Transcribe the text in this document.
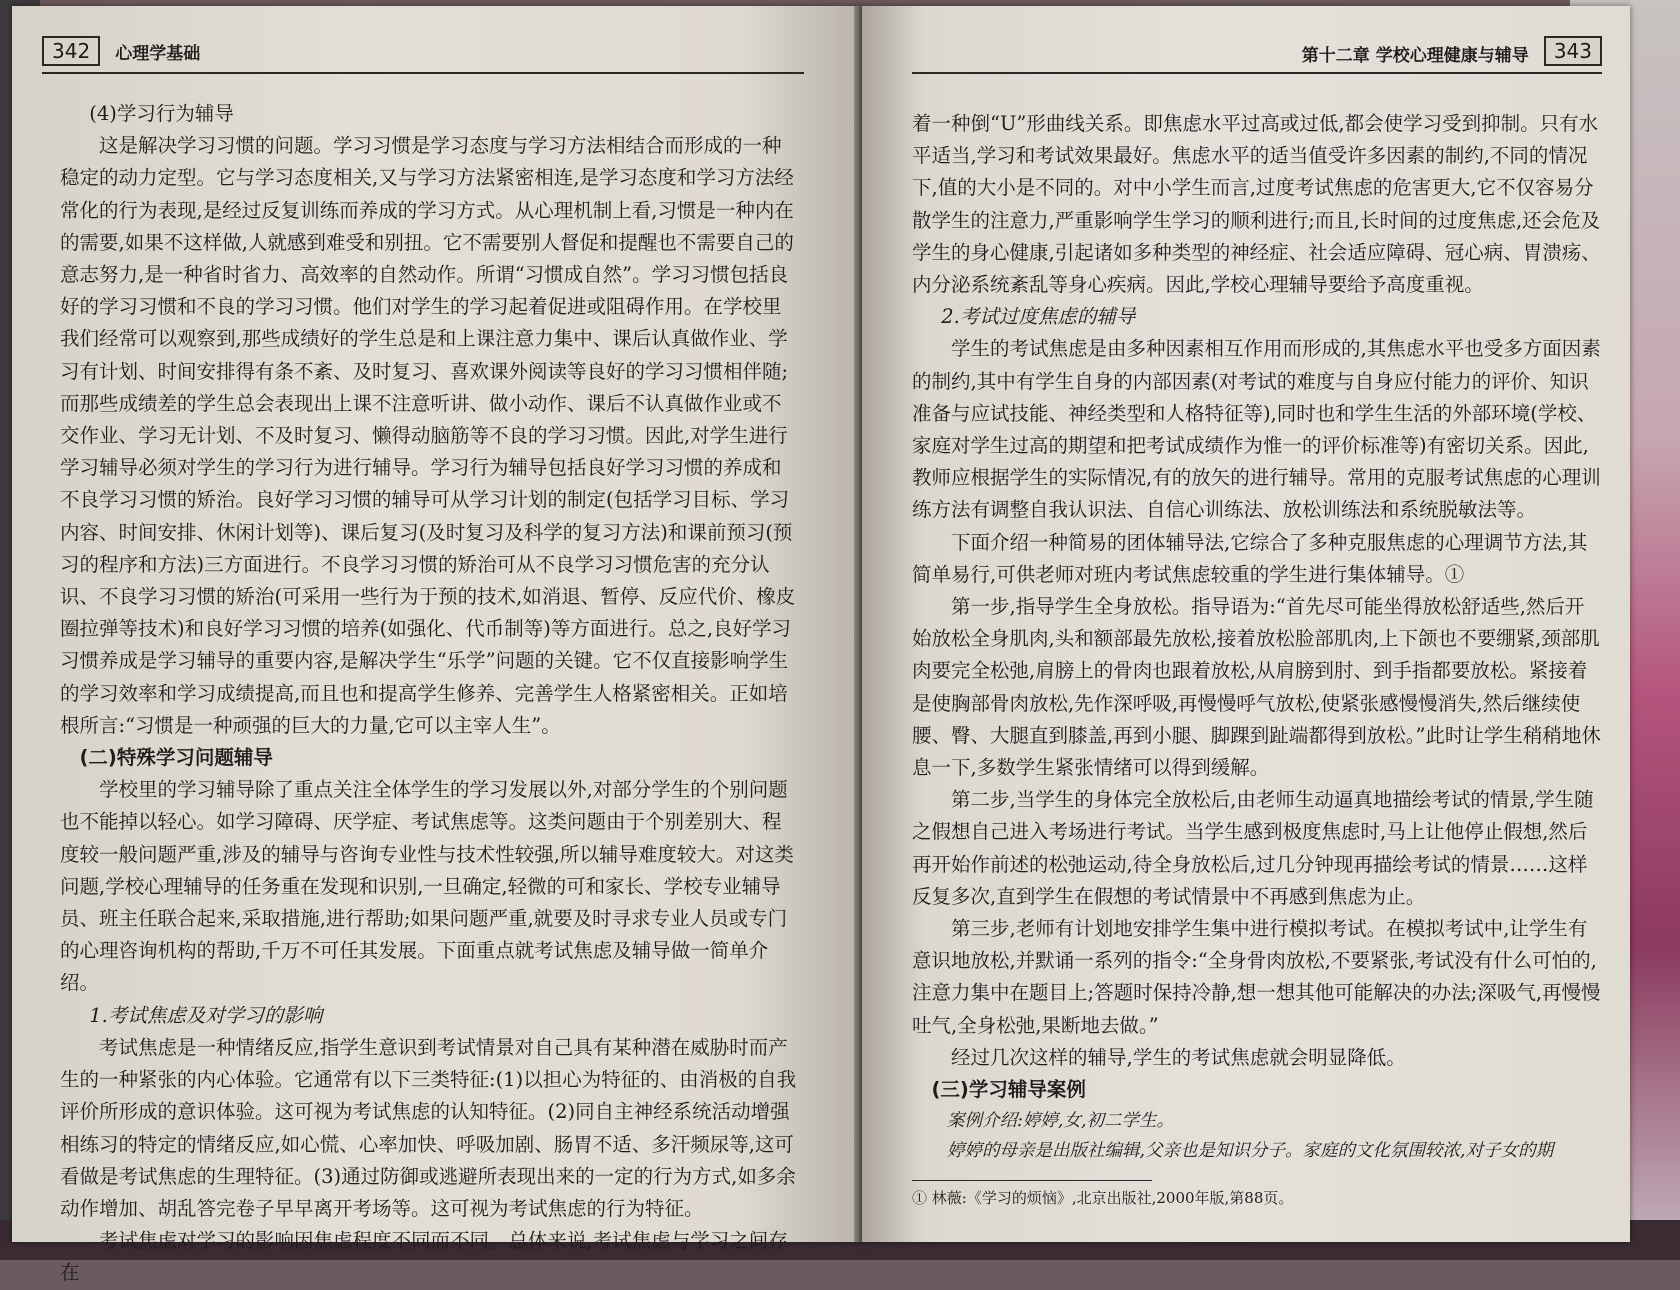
342 心理学基础

(4)学习行为辅导

这是解决学习习惯的问题。学习习惯是学习态度与学习方法相结合而形成的一种稳定的动力定型。它与学习态度相关,又与学习方法紧密相连,是学习态度和学习方法经常化的行为表现,是经过反复训练而养成的学习方式。从心理机制上看,习惯是一种内在的需要,如果不这样做,人就感到难受和别扭。它不需要别人督促和提醒也不需要自己的意志努力,是一种省时省力、高效率的自然动作。所谓“习惯成自然”。学习习惯包括良好的学习习惯和不良的学习习惯。他们对学生的学习起着促进或阻碍作用。在学校里我们经常可以观察到,那些成绩好的学生总是和上课注意力集中、课后认真做作业、学习有计划、时间安排得有条不紊、及时复习、喜欢课外阅读等良好的学习习惯相伴随;而那些成绩差的学生总会表现出上课不注意听讲、做小动作、课后不认真做作业或不交作业、学习无计划、不及时复习、懒得动脑筋等不良的学习习惯。因此,对学生进行学习辅导必须对学生的学习行为进行辅导。学习行为辅导包括良好学习习惯的养成和不良学习习惯的矫治。良好学习习惯的辅导可从学习计划的制定(包括学习目标、学习内容、时间安排、休闲计划等)、课后复习(及时复习及科学的复习方法)和课前预习(预习的程序和方法)三方面进行。不良学习习惯的矫治可从不良学习习惯危害的充分认识、不良学习习惯的矫治(可采用一些行为于预的技术,如消退、暂停、反应代价、橡皮圈拉弹等技术)和良好学习习惯的培养(如强化、代币制等)等方面进行。总之,良好学习习惯养成是学习辅导的重要内容,是解决学生“乐学”问题的关键。它不仅直接影响学生的学习效率和学习成绩提高,而且也和提高学生修养、完善学生人格紧密相关。正如培根所言:“习惯是一种顽强的巨大的力量,它可以主宰人生”。

(二)特殊学习问题辅导

学校里的学习辅导除了重点关注全体学生的学习发展以外,对部分学生的个别问题也不能掉以轻心。如学习障碍、厌学症、考试焦虑等。这类问题由于个别差别大、程度较一般问题严重,涉及的辅导与咨询专业性与技术性较强,所以辅导难度较大。对这类问题,学校心理辅导的任务重在发现和识别,一旦确定,轻微的可和家长、学校专业辅导员、班主任联合起来,采取措施,进行帮助;如果问题严重,就要及时寻求专业人员或专门的心理咨询机构的帮助,千万不可任其发展。下面重点就考试焦虑及辅导做一简单介绍。

1.考试焦虑及对学习的影响

考试焦虑是一种情绪反应,指学生意识到考试情景对自己具有某种潜在威胁时而产生的一种紧张的内心体验。它通常有以下三类特征:(1)以担心为特征的、由消极的自我评价所形成的意识体验。这可视为考试焦虑的认知特征。(2)同自主神经系统活动增强相练习的特定的情绪反应,如心慌、心率加快、呼吸加剧、肠胃不适、多汗频尿等,这可看做是考试焦虑的生理特征。(3)通过防御或逃避所表现出来的一定的行为方式,如多余动作增加、胡乱答完卷子早早离开考场等。这可视为考试焦虑的行为特征。

考试焦虑对学习的影响因焦虑程度不同而不同。总体来说,考试焦虑与学习之间存在

第十二章 学校心理健康与辅导 343

着一种倒“U”形曲线关系。即焦虑水平过高或过低,都会使学习受到抑制。只有水平适当,学习和考试效果最好。焦虑水平的适当值受许多因素的制约,不同的情况下,值的大小是不同的。对中小学生而言,过度考试焦虑的危害更大,它不仅容易分散学生的注意力,严重影响学生学习的顺利进行;而且,长时间的过度焦虑,还会危及学生的身心健康,引起诸如多种类型的神经症、社会适应障碍、冠心病、胃溃疡、内分泌系统紊乱等身心疾病。因此,学校心理辅导要给予高度重视。

2.考试过度焦虑的辅导

学生的考试焦虑是由多种因素相互作用而形成的,其焦虑水平也受多方面因素的制约,其中有学生自身的内部因素(对考试的难度与自身应付能力的评价、知识准备与应试技能、神经类型和人格特征等),同时也和学生生活的外部环境(学校、家庭对学生过高的期望和把考试成绩作为惟一的评价标准等)有密切关系。因此,教师应根据学生的实际情况,有的放矢的进行辅导。常用的克服考试焦虑的心理训练方法有调整自我认识法、自信心训练法、放松训练法和系统脱敏法等。

下面介绍一种简易的团体辅导法,它综合了多种克服焦虑的心理调节方法,其简单易行,可供老师对班内考试焦虑较重的学生进行集体辅导。①

第一步,指导学生全身放松。指导语为:“首先尽可能坐得放松舒适些,然后开始放松全身肌肉,头和额部最先放松,接着放松脸部肌肉,上下颌也不要绷紧,颈部肌肉要完全松弛,肩膀上的骨肉也跟着放松,从肩膀到肘、到手指都要放松。紧接着是使胸部骨肉放松,先作深呼吸,再慢慢呼气放松,使紧张感慢慢消失,然后继续使腰、臀、大腿直到膝盖,再到小腿、脚踝到趾端都得到放松。”此时让学生稍稍地休息一下,多数学生紧张情绪可以得到缓解。

第二步,当学生的身体完全放松后,由老师生动逼真地描绘考试的情景,学生随之假想自己进入考场进行考试。当学生感到极度焦虑时,马上让他停止假想,然后再开始作前述的松弛运动,待全身放松后,过几分钟现再描绘考试的情景……这样反复多次,直到学生在假想的考试情景中不再感到焦虑为止。

第三步,老师有计划地安排学生集中进行模拟考试。在模拟考试中,让学生有意识地放松,并默诵一系列的指令:“全身骨肉放松,不要紧张,考试没有什么可怕的,注意力集中在题目上;答题时保持冷静,想一想其他可能解决的办法;深吸气,再慢慢吐气,全身松弛,果断地去做。”

经过几次这样的辅导,学生的考试焦虑就会明显降低。

(三)学习辅导案例

案例介绍:婷婷,女,初二学生。

婷婷的母亲是出版社编辑,父亲也是知识分子。家庭的文化氛围较浓,对子女的期

① 林薇:《学习的烦恼》,北京出版社,2000年版,第88页。
